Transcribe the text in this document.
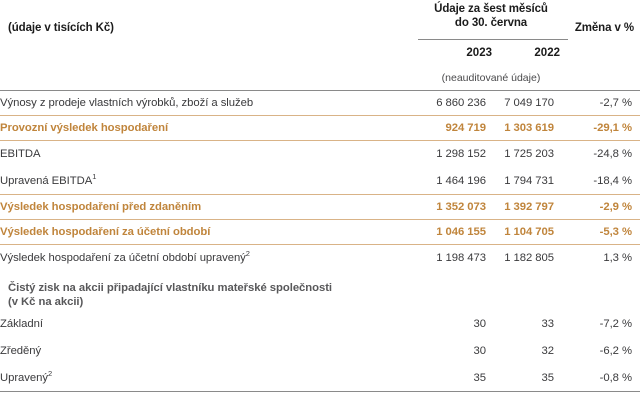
(údaje v tisících Kč)
Údaje za šest měsíců
do 30. června	Změna v %
2023	2022
(neauditované údaje)
Výnosy z prodeje vlastních výrobků, zboží a služeb	6 860 236	7 049 170	-2,7 %
Provozní výsledek hospodaření	924 719	1 303 619	-29,1 %
EBITDA	1 298 152	1 725 203	-24,8 %
Upravená EBITDA$^1$	1 464 196	1 794 731	-18,4 %
Výsledek hospodaření před zdaněním	1 352 073	1 392 797	-2,9 %
Výsledek hospodaření za účetní období	1 046 155	1 104 705	-5,3 %
Výsledek hospodaření za účetní období upravený$^2$	1 198 473	1 182 805	1,3 %

Čistý zisk na akcii připadající vlastníku mateřské společnosti
(v Kč na akcii)			

Základní	30	33	-7,2 %
Zředěný	30	32	-6,2 %
Upravený$^2$	35	35	-0,8 %
